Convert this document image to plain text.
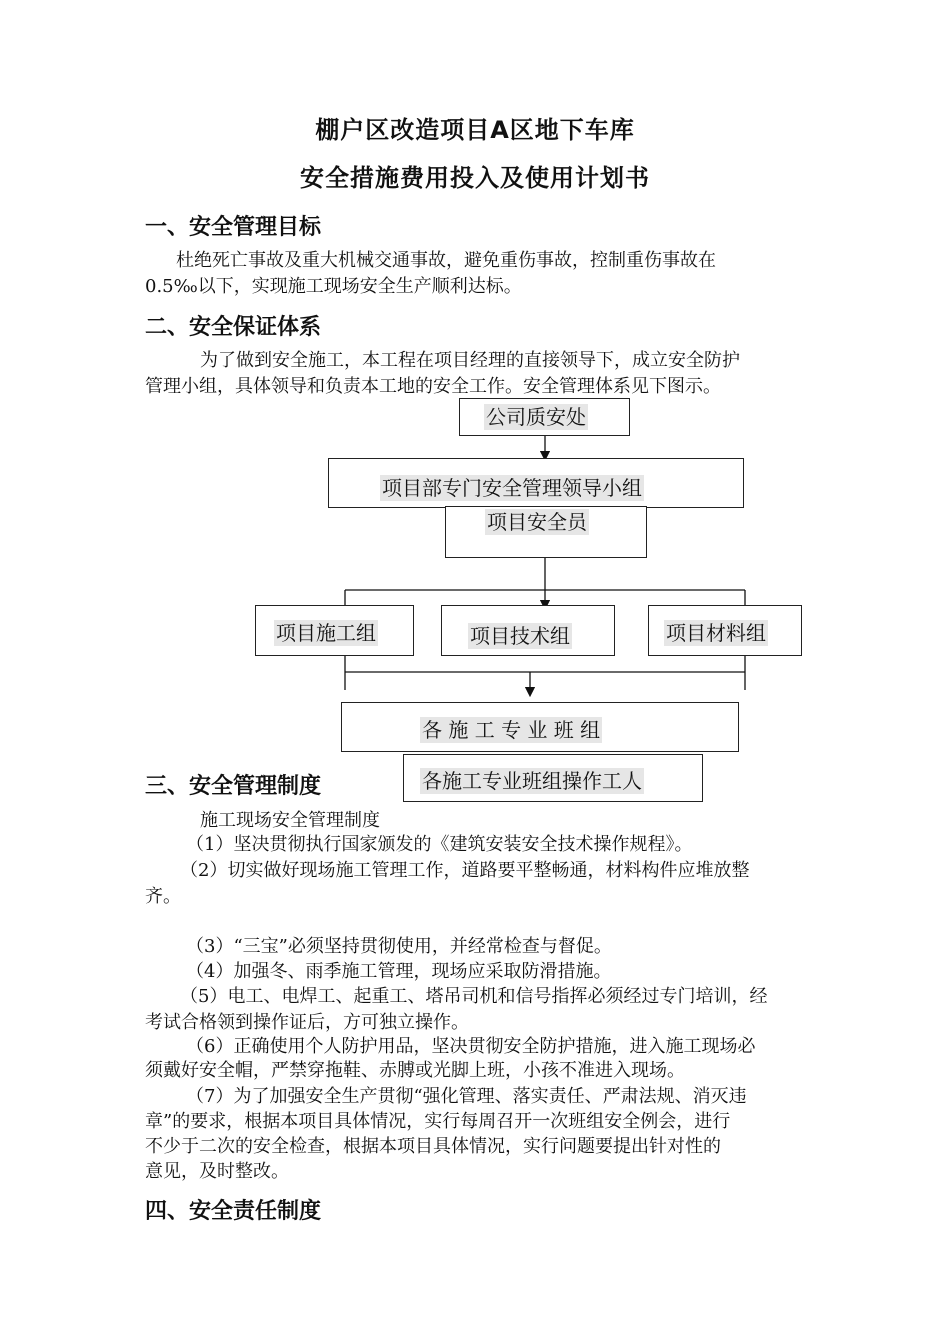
棚户区改造项目A区地下车库
安全措施费用投入及使用计划书
一、安全管理目标
杜绝死亡事故及重大机械交通事故，避免重伤事故，控制重伤事故在
0.5‰以下，实现施工现场安全生产顺利达标。
二、安全保证体系
为了做到安全施工，本工程在项目经理的直接领导下，成立安全防护
管理小组，具体领导和负责本工地的安全工作。安全管理体系见下图示。
公司质安处
项目部专门安全管理领导小组
项目安全员
项目施工组	项目技术组	项目材料组
各 施 工 专 业 班 组
三、安全管理制度	各施工专业班组操作工人
施工现场安全管理制度
（1）坚决贯彻执行国家颁发的《建筑安装安全技术操作规程》。
（2）切实做好现场施工管理工作，道路要平整畅通，材料构件应堆放整
齐。
（3）“三宝”必须坚持贯彻使用，并经常检查与督促。
（4）加强冬、雨季施工管理，现场应采取防滑措施。
（5）电工、电焊工、起重工、塔吊司机和信号指挥必须经过专门培训，经
考试合格领到操作证后，方可独立操作。
（6）正确使用个人防护用品，坚决贯彻安全防护措施，进入施工现场必
须戴好安全帽，严禁穿拖鞋、赤膊或光脚上班，小孩不准进入现场。
（7）为了加强安全生产贯彻“强化管理、落实责任、严肃法规、消灭违
章”的要求，根据本项目具体情况，实行每周召开一次班组安全例会，进行
不少于二次的安全检查，根据本项目具体情况，实行问题要提出针对性的
意见，及时整改。
四、安全责任制度
